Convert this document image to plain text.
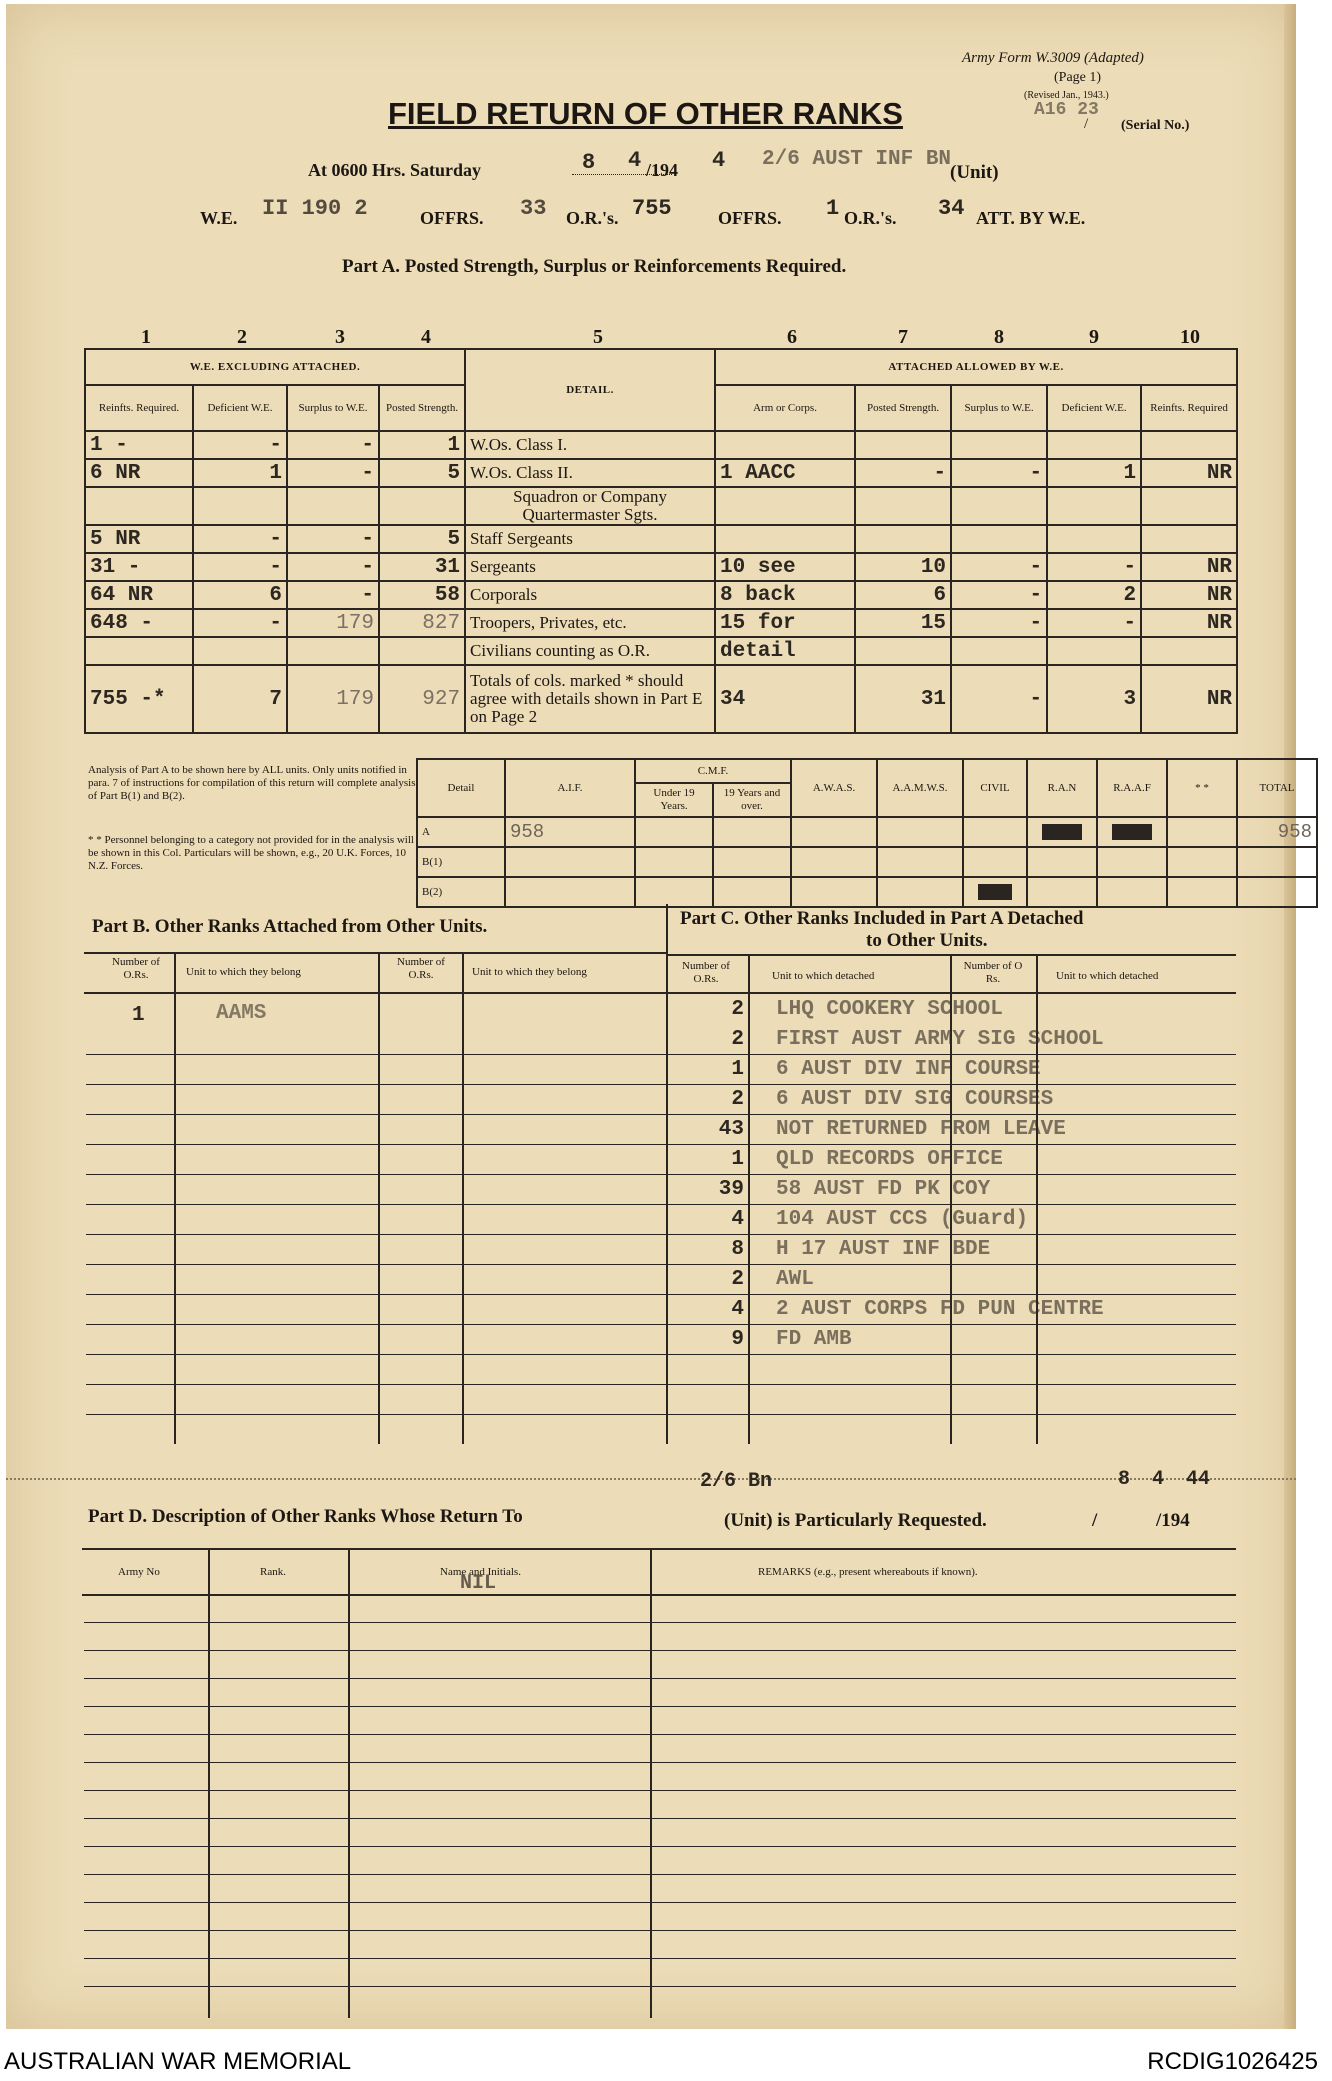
Army Form W.3009 (Adapted)
(Page 1)
(Revised Jan., 1943.)
A16 23
/ (Serial No.)
FIELD RETURN OF OTHER RANKS
At 0600 Hrs. Saturday	8 4 /194 4 2/6 AUST INF BN
(Unit)
W.E. II 190 2	OFFRS. 33 O.R.'s. 755	OFFRS. 1 O.R.'s. 34 ATT. BY W.E.
Part A. Posted Strength, Surplus or Reinforcements Required.
1	2	3	4	5	6	7	8	9	10
W.E. EXCLUDING ATTACHED.				DETAIL.	ATTACHED ALLOWED BY W.E.				
Reinfts. Required.	Deficient W.E.	Surplus to W.E.	Posted Strength.		Arm or Corps.	Posted Strength.	Surplus to W.E.	Deficient W.E.	Reinfts. Required
1 -	-	-	1	W.Os. Class I.					
6 NR	1	-	5	W.Os. Class II.	1 AACC	-	-	1	NR
				Squadron or Company Quartermaster Sgts.					
5 NR	-	-	5	Staff Sergeants					
31 -	-	-	31	Sergeants	10 see	10	-	-	NR
64 NR	6	-	58	Corporals	8 back	6	-	2	NR
648 -	-	179	827	Troopers, Privates, etc.	15 for	15	-	-	NR
				Civilians counting as O.R.	detail				
755 -*	7	179	927	Totals of cols. marked * should agree with details shown in Part E on Page 2	34	31	-	3	NR
Analysis of Part A to be shown here by ALL units. Only units notified in para. 7 of instructions for compilation of this return will complete analysis of Part B(1) and B(2).
* * Personnel belonging to a category not provided for in the analysis will be shown in this Col. Particulars will be shown, e.g., 20 U.K. Forces, 10 N.Z. Forces.
Detail	A.I.F.	C.M.F.		A.W.A.S.	A.A.M.W.S.	CIVIL	R.A.N	R.A.A.F	* *	TOTAL
		Under 19 Years.	19 Years and over.							
A	958									958
B(1)										
B(2)						

Part B. Other Ranks Attached from Other Units.	Part C. Other Ranks Included in Part A Detached
to Other Units.
Number of O.Rs.	Unit to which they belong
Number of O.Rs.	Unit to which they belong	Number of O.Rs.	Unit to which detached
Number of O Rs.	Unit to which detached
1	AAMS	2 LHQ COOKERY SCHOOL
2 FIRST AUST ARMY SIG SCHOOL
1 6 AUST DIV INF COURSE
2 6 AUST DIV SIG COURSES
43 NOT RETURNED FROM LEAVE
1 QLD RECORDS OFFICE
39 58 AUST FD PK COY
4 104 AUST CCS (Guard)
8 H 17 AUST INF BDE
2 AWL
4 2 AUST CORPS FD PUN CENTRE
9 FD AMB
Part D. Description of Other Ranks Whose Return To
2/6 Bn
(Unit) is Particularly Requested.	/	/194
8 4 44
Army No	Rank.	Name and Initials.	REMARKS (e.g., present whereabouts if known).
NIL
AUSTRALIAN WAR MEMORIAL	RCDIG1026425
